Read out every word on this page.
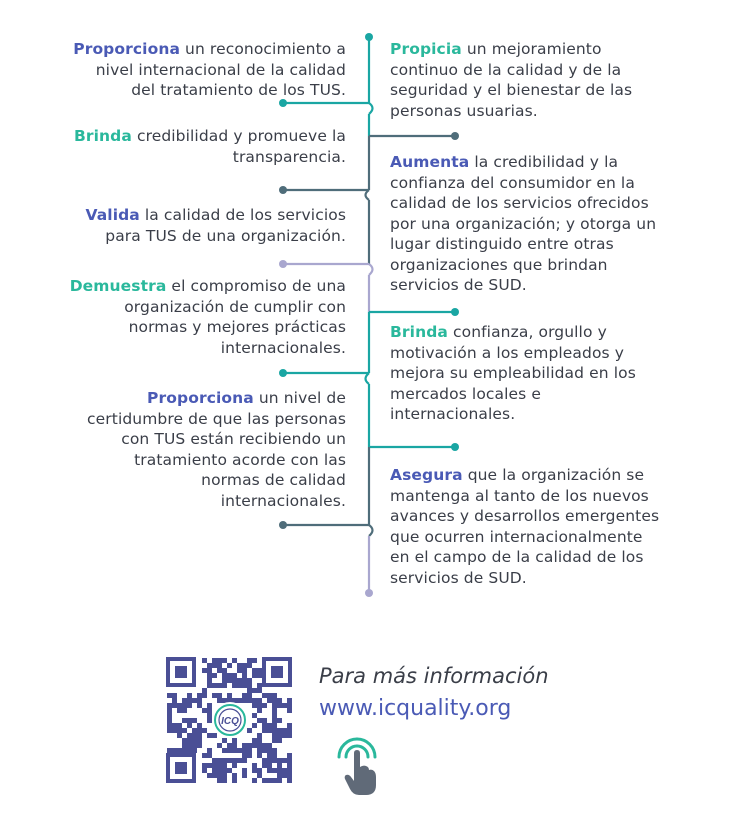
Proporciona un reconocimiento a
nivel internacional de la calidad
del tratamiento de los TUS.
Brinda credibilidad y promueve la
transparencia.
Valida la calidad de los servicios
para TUS de una organización.
Demuestra el compromiso de una
organización de cumplir con
normas y mejores prácticas
internacionales.
Proporciona un nivel de
certidumbre de que las personas
con TUS están recibiendo un
tratamiento acorde con las
normas de calidad
internacionales.
Propicia un mejoramiento
continuo de la calidad y de la
seguridad y el bienestar de las
personas usuarias.
Aumenta la credibilidad y la
confianza del consumidor en la
calidad de los servicios ofrecidos
por una organización; y otorga un
lugar distinguido entre otras
organizaciones que brindan
servicios de SUD.
Brinda confianza, orgullo y
motivación a los empleados y
mejora su empleabilidad en los
mercados locales e
internacionales.
Asegura que la organización se
mantenga al tanto de los nuevos
avances y desarrollos emergentes
que ocurren internacionalmente
en el campo de la calidad de los
servicios de SUD.
ICQ
Para más información
www.icquality.org
